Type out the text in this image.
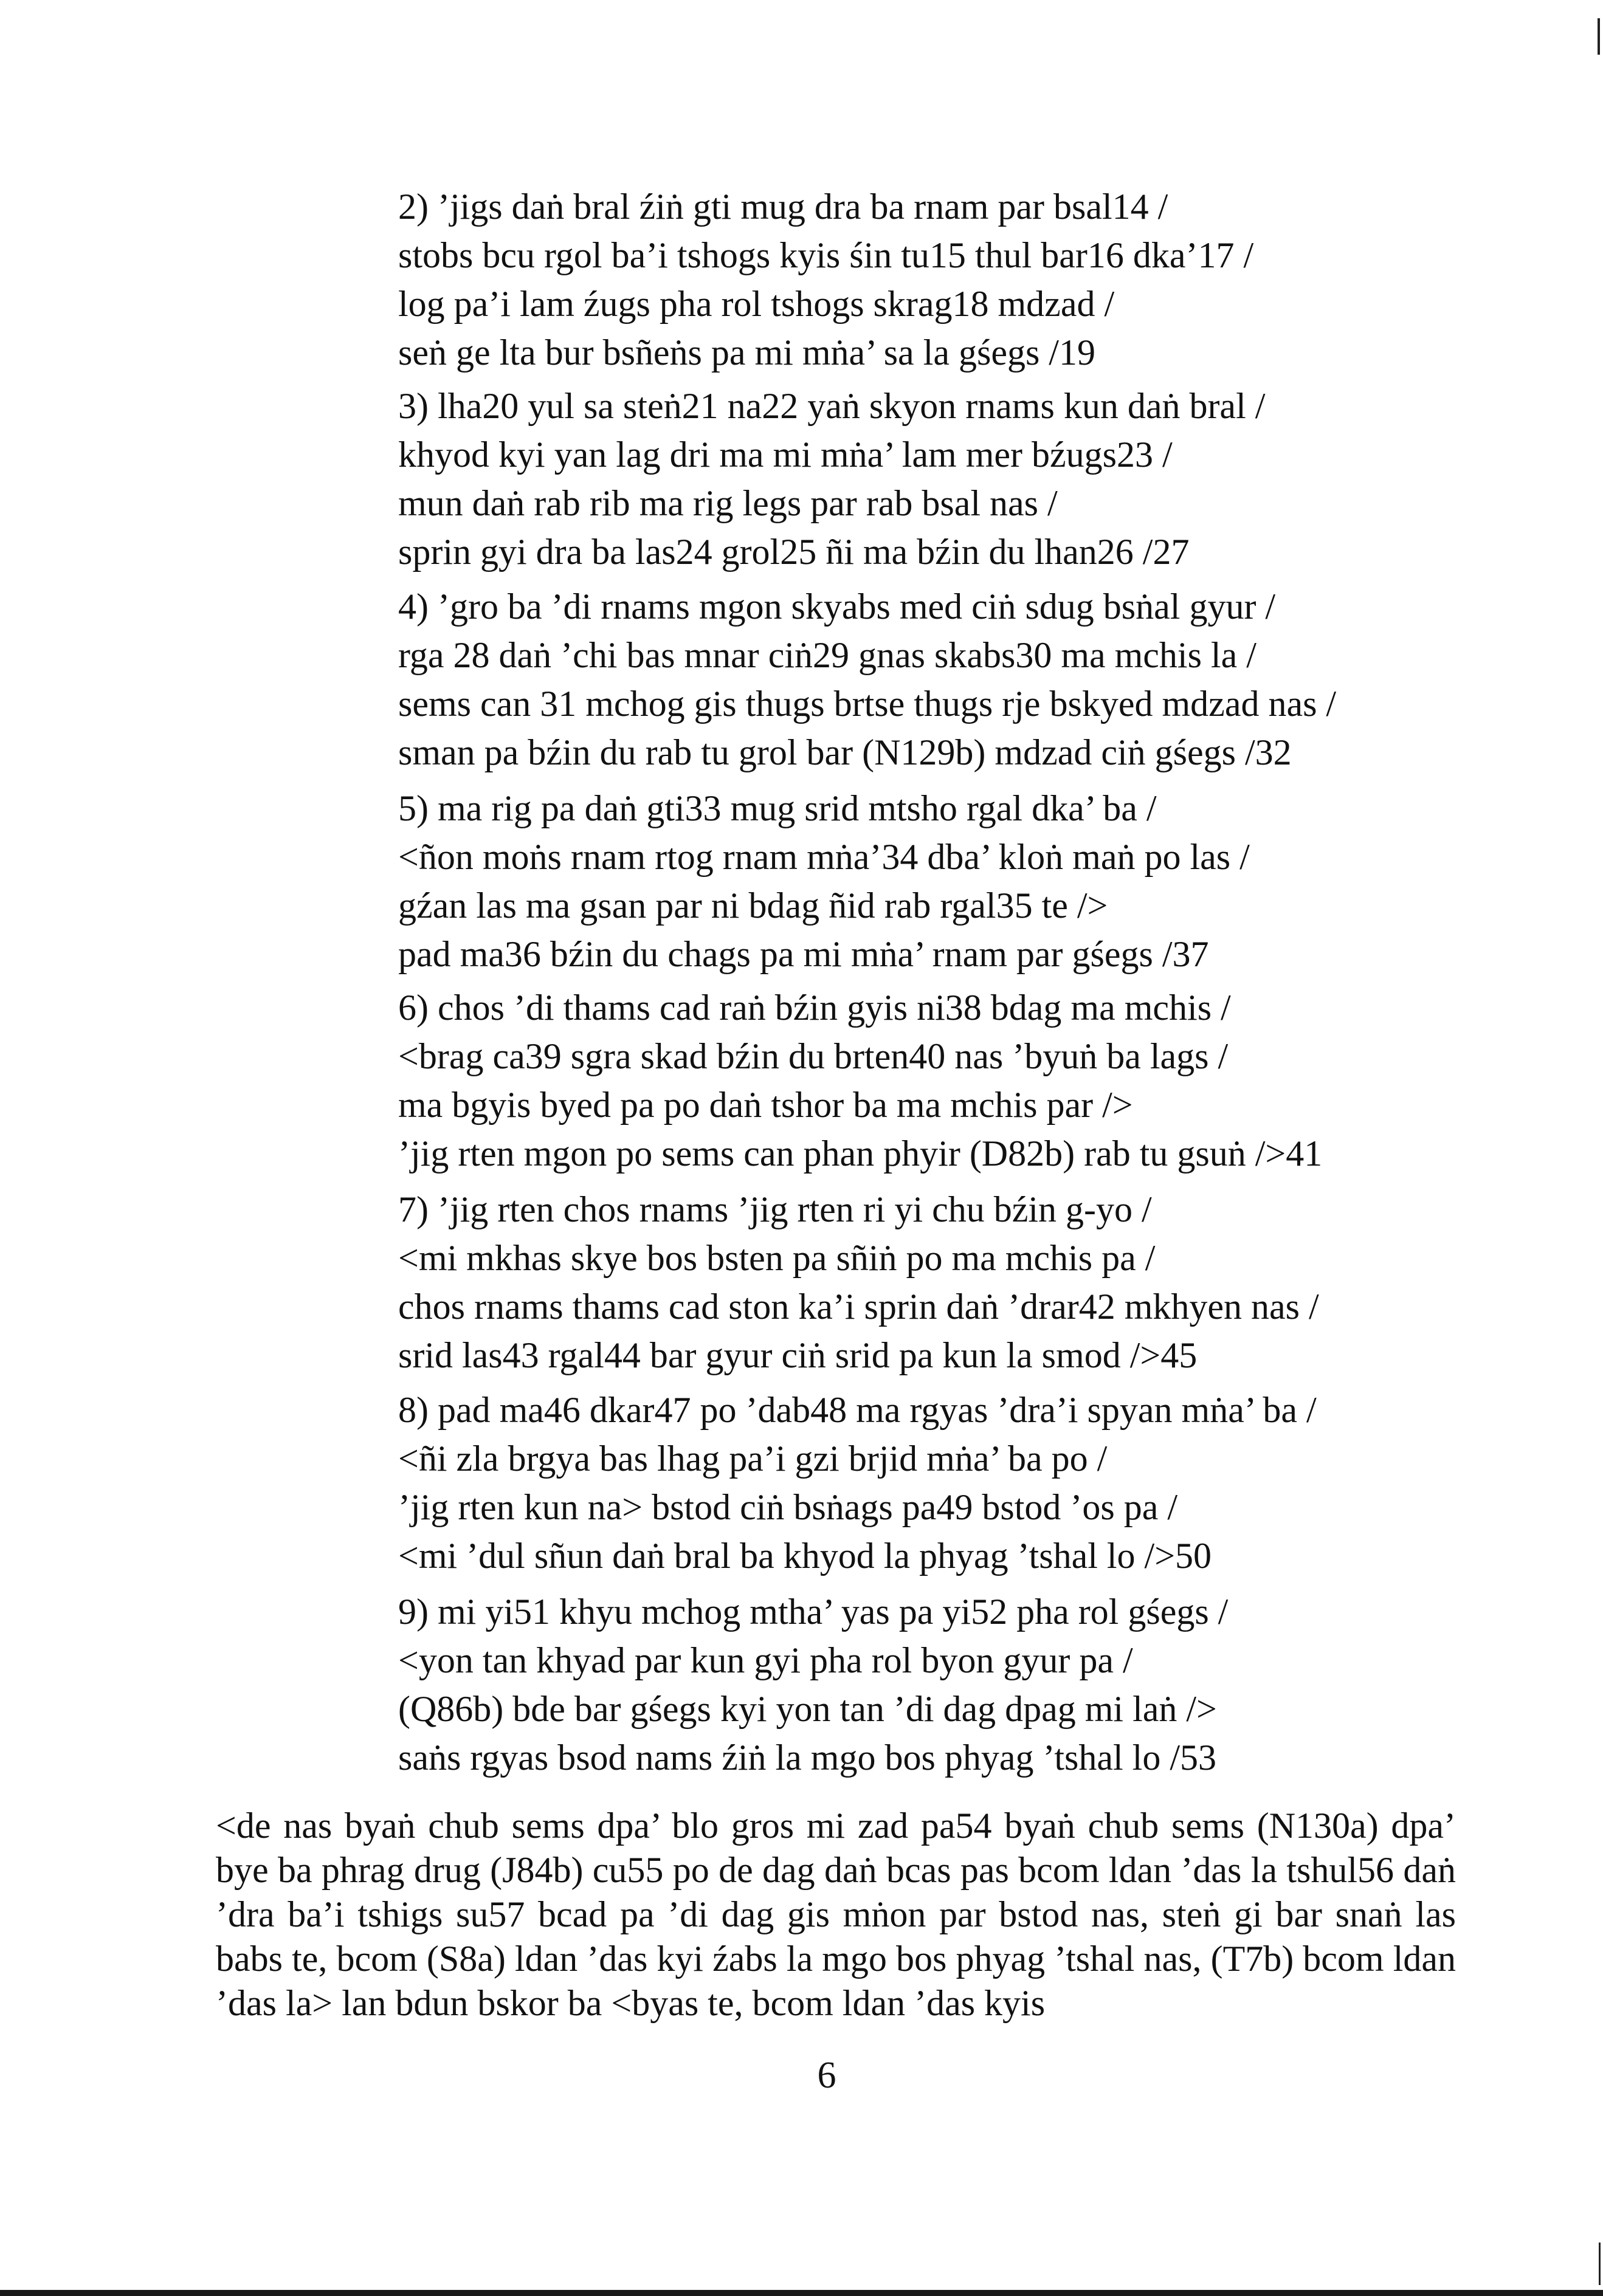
2) ’jigs daṅ bral źiṅ gti mug dra ba rnam par bsal14 /
stobs bcu rgol ba’i tshogs kyis śin tu15 thul bar16 dka’17 /
log pa’i lam źugs pha rol tshogs skrag18 mdzad /
seṅ ge lta bur bsñeṅs pa mi mṅa’ sa la gśegs /19
3) lha20 yul sa steṅ21 na22 yaṅ skyon rnams kun daṅ bral /
khyod kyi yan lag dri ma mi mṅa’ lam mer bźugs23 /
mun daṅ rab rib ma rig legs par rab bsal nas /
sprin gyi dra ba las24 grol25 ñi ma bźin du lhan26 /27
4) ’gro ba ’di rnams mgon skyabs med ciṅ sdug bsṅal gyur /
rga 28 daṅ ’chi bas mnar ciṅ29 gnas skabs30 ma mchis la /
sems can 31 mchog gis thugs brtse thugs rje bskyed mdzad nas /
sman pa bźin du rab tu grol bar (N129b) mdzad ciṅ gśegs /32
5) ma rig pa daṅ gti33 mug srid mtsho rgal dka’ ba /
<ñon moṅs rnam rtog rnam mṅa’34 dba’ kloṅ maṅ po las /
gźan las ma gsan par ni bdag ñid rab rgal35 te />
pad ma36 bźin du chags pa mi mṅa’ rnam par gśegs /37
6) chos ’di thams cad raṅ bźin gyis ni38 bdag ma mchis /
<brag ca39 sgra skad bźin du brten40 nas ’byuṅ ba lags /
ma bgyis byed pa po daṅ tshor ba ma mchis par />
’jig rten mgon po sems can phan phyir (D82b) rab tu gsuṅ />41
7) ’jig rten chos rnams ’jig rten ri yi chu bźin g-yo /
<mi mkhas skye bos bsten pa sñiṅ po ma mchis pa /
chos rnams thams cad ston ka’i sprin daṅ ’drar42 mkhyen nas /
srid las43 rgal44 bar gyur ciṅ srid pa kun la smod />45
8) pad ma46 dkar47 po ’dab48 ma rgyas ’dra’i spyan mṅa’ ba /
<ñi zla brgya bas lhag pa’i gzi brjid mṅa’ ba po /
’jig rten kun na> bstod ciṅ bsṅags pa49 bstod ’os pa /
<mi ’dul sñun daṅ bral ba khyod la phyag ’tshal lo />50
9) mi yi51 khyu mchog mtha’ yas pa yi52 pha rol gśegs /
<yon tan khyad par kun gyi pha rol byon gyur pa /
(Q86b) bde bar gśegs kyi yon tan ’di dag dpag mi laṅ />
saṅs rgyas bsod nams źiṅ la mgo bos phyag ’tshal lo /53
<de nas byaṅ chub sems dpa’ blo gros mi zad pa54 byaṅ chub sems (N130a) dpa’ bye ba phrag drug (J84b) cu55 po de dag daṅ bcas pas bcom ldan ’das la tshul56 daṅ ’dra ba’i tshigs su57 bcad pa ’di dag gis mṅon par bstod nas, steṅ gi bar snaṅ las babs te, bcom (S8a) ldan ’das kyi źabs la mgo bos phyag ’tshal nas, (T7b) bcom ldan ’das la> lan bdun bskor ba <byas te, bcom ldan ’das kyis
6
